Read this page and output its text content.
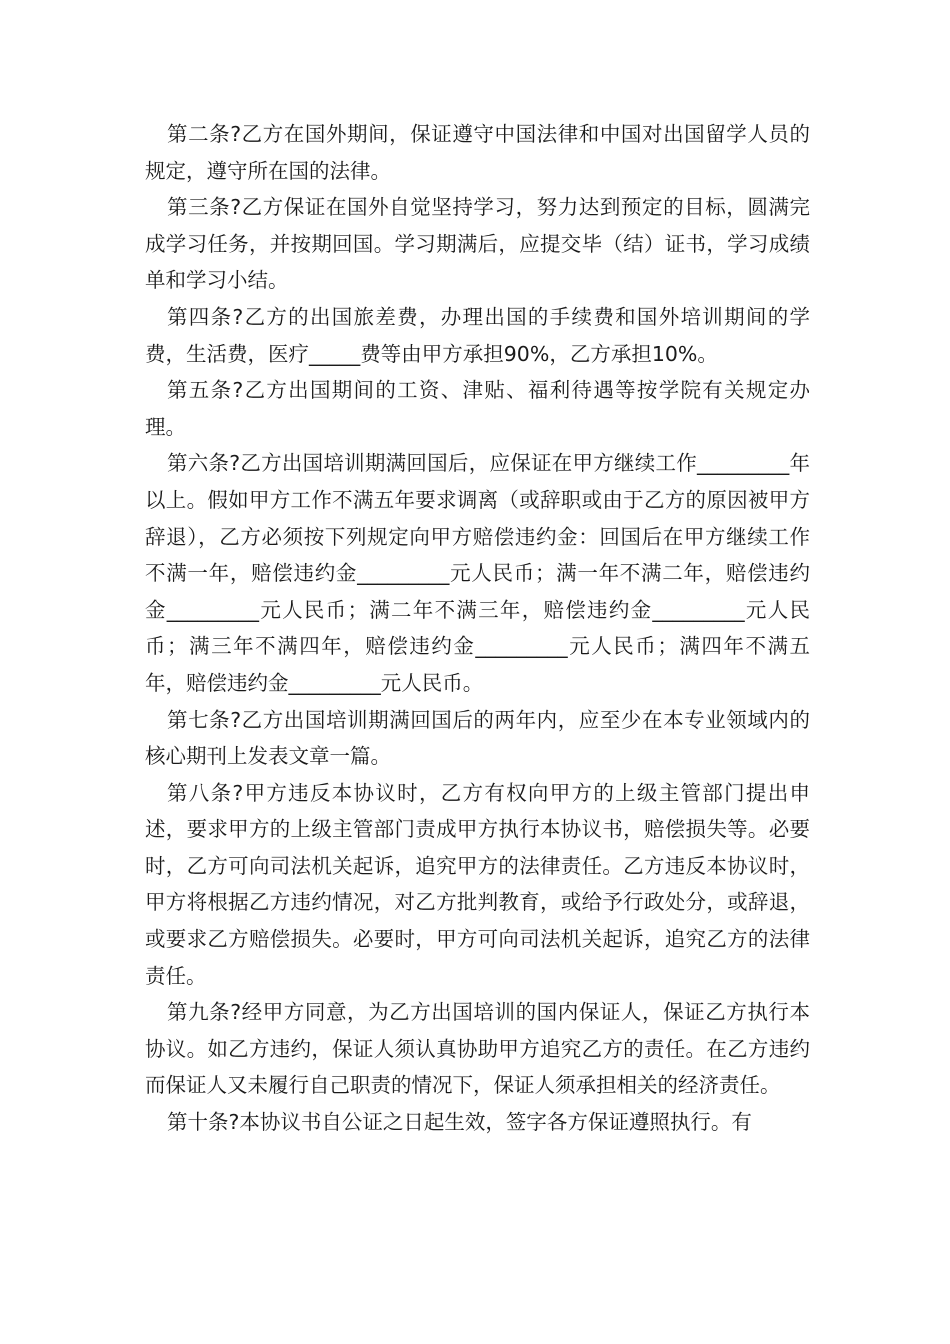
第二条?乙方在国外期间，保证遵守中国法律和中国对出国留学人员的规定，遵守所在国的法律。

第三条?乙方保证在国外自觉坚持学习，努力达到预定的目标，圆满完成学习任务，并按期回国。学习期满后，应提交毕（结）证书，学习成绩单和学习小结。

第四条?乙方的出国旅差费，办理出国的手续费和国外培训期间的学费，生活费，医疗_____费等由甲方承担90%，乙方承担10%。

第五条?乙方出国期间的工资、津贴、福利待遇等按学院有关规定办理。

第六条?乙方出国培训期满回国后，应保证在甲方继续工作_________年以上。假如甲方工作不满五年要求调离（或辞职或由于乙方的原因被甲方辞退），乙方必须按下列规定向甲方赔偿违约金：回国后在甲方继续工作不满一年，赔偿违约金_________元人民币；满一年不满二年，赔偿违约金_________元人民币；满二年不满三年，赔偿违约金_________元人民币；满三年不满四年，赔偿违约金_________元人民币；满四年不满五年，赔偿违约金_________元人民币。

第七条?乙方出国培训期满回国后的两年内，应至少在本专业领域内的核心期刊上发表文章一篇。

第八条?甲方违反本协议时，乙方有权向甲方的上级主管部门提出申述，要求甲方的上级主管部门责成甲方执行本协议书，赔偿损失等。必要时，乙方可向司法机关起诉，追究甲方的法律责任。乙方违反本协议时，甲方将根据乙方违约情况，对乙方批判教育，或给予行政处分，或辞退，或要求乙方赔偿损失。必要时，甲方可向司法机关起诉，追究乙方的法律责任。

第九条?经甲方同意，为乙方出国培训的国内保证人，保证乙方执行本协议。如乙方违约，保证人须认真协助甲方追究乙方的责任。在乙方违约而保证人又未履行自己职责的情况下，保证人须承担相关的经济责任。

第十条?本协议书自公证之日起生效，签字各方保证遵照执行。有
